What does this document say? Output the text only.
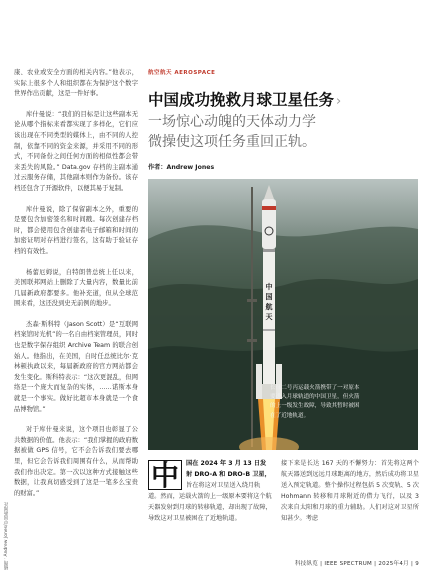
插图：Andrew Jones/中国新闻社

康、农业或安全方面的相关内容。”他表示，实际上很多个人和组织都在为保护这个数字世界作出贡献，这是一件好事。

库什曼说：“我们的目标是让这些副本无论从哪个指标来看都实现了多样化，它们应该出现在不同类型的媒体上，由不同的人控制，依靠不同的资金来源，并采用不同的形式，不同备份之间任何方面的相似性都会带来丢失的风险。” Data.gov 存档的主副本通过云服务存储，其他副本则作为备份。该存档还包含了开源软件，以便其易于复制。

库什曼说，除了保留副本之外，重要的是要包含加密签名和时间戳。每次创建存档时，都会使用包含创建者电子邮箱和时间的加密证明对存档进行签名，这有助于验证存档的有效性。

杨蕾厄姆说，自特朗普总统上任以来，美国联邦网站上删除了大量内容，数量比前几届新政府都要多。他补充道，但从全球范围来看，这还没到史无前例的地步。

杰森·斯科特（Jason Scott）是“互联网档案馆时光机”的一名自由档案管理员，同时也是数字保存组织 Archive Team 的联合创始人。他指出，在美国，自时任总统比尔·克林顿执政以来，每届新政府的官方网站都会发生变化。斯科特表示：“这次更混乱，但网络是一个庞大而复杂的实体，……诺斯本身就是一个事实。做好比超市本身就是一个食品博物馆。”

对于库什曼来说，这个项目也彰显了公共数据的价值。他表示：“我们掌握的政府数据被做 GPS 信号，它不会告诉我们要去哪里，但它会告诉我们周围有什么，从而帮助我们作出决定。第一次以这种方式接触这些数据，让我真切感受到了这是一笔多么宝贵的财富。”

航空航天 AEROSPACE
中国成功挽救月球卫星任务 ›
一场惊心动魄的天体动力学
微操使这项任务重回正轨。
作者：Andrew Jones
中
国
航
天
长征二号丙运载火箭携带了一对原本要进入月球轨道的中国卫星，但火箭的上一级发生故障，导致其暂时被困在了近地轨道。
中	国在 2024 年 3 月 13 日发射 DRO-A 和 DRO-B 卫星，旨在将这对卫星送入绕月轨道。然而，运载火箭的上一级原本要将这个航天器发射到月球的转移轨道，却出现了故障，导致这对卫星被困在了近地轨道。
接下来是长达 167 天的不懈努力：首先将这两个航天器送到远远月球距离的地方，然后成功将卫星送入预定轨道。整个操作过程包括 5 次变轨、5 次 Hohmann 转移和月球附近的借力飞行，以及 3 次来自太阳和月球的重力辅助。人们对这对卫星所知甚少。考虑
科技纵览 | IEEE SPECTRUM | 2025年4月 | 9
